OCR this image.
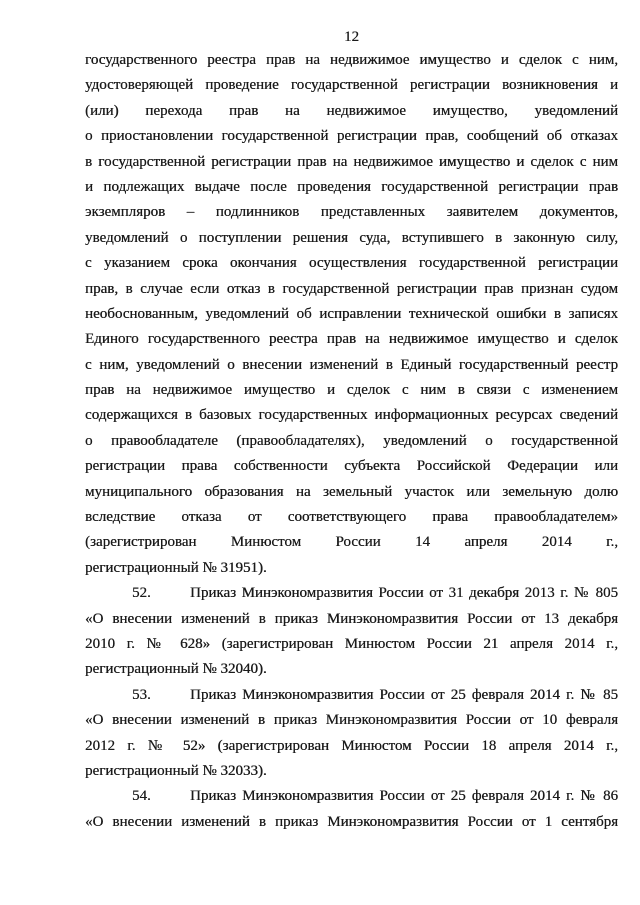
12
государственного реестра прав на недвижимое имущество и сделок с ним,
удостоверяющей проведение государственной регистрации возникновения и
(или) перехода прав на недвижимое имущество, уведомлений
о приостановлении государственной регистрации прав, сообщений об отказах
в государственной регистрации прав на недвижимое имущество и сделок с ним
и подлежащих выдаче после проведения государственной регистрации прав
экземпляров – подлинников представленных заявителем документов,
уведомлений о поступлении решения суда, вступившего в законную силу,
с указанием срока окончания осуществления государственной регистрации
прав, в случае если отказ в государственной регистрации прав признан судом
необоснованным, уведомлений об исправлении технической ошибки в записях
Единого государственного реестра прав на недвижимое имущество и сделок
с ним, уведомлений о внесении изменений в Единый государственный реестр
прав на недвижимое имущество и сделок с ним в связи с изменением
содержащихся в базовых государственных информационных ресурсах сведений
о правообладателе (правообладателях), уведомлений о государственной
регистрации права собственности субъекта Российской Федерации или
муниципального образования на земельный участок или земельную долю
вследствие отказа от соответствующего права правообладателем»
(зарегистрирован Минюстом России 14 апреля 2014 г.,
регистрационный № 31951).
52.	Приказ Минэкономразвития России от 31 декабря 2013 г. № 805
«О внесении изменений в приказ Минэкономразвития России от 13 декабря
2010 г. № 628» (зарегистрирован Минюстом России 21 апреля 2014 г.,
регистрационный № 32040).
53.	Приказ Минэкономразвития России от 25 февраля 2014 г. № 85
«О внесении изменений в приказ Минэкономразвития России от 10 февраля
2012 г. № 52» (зарегистрирован Минюстом России 18 апреля 2014 г.,
регистрационный № 32033).
54.	Приказ Минэкономразвития России от 25 февраля 2014 г. № 86
«О внесении изменений в приказ Минэкономразвития России от 1 сентября
